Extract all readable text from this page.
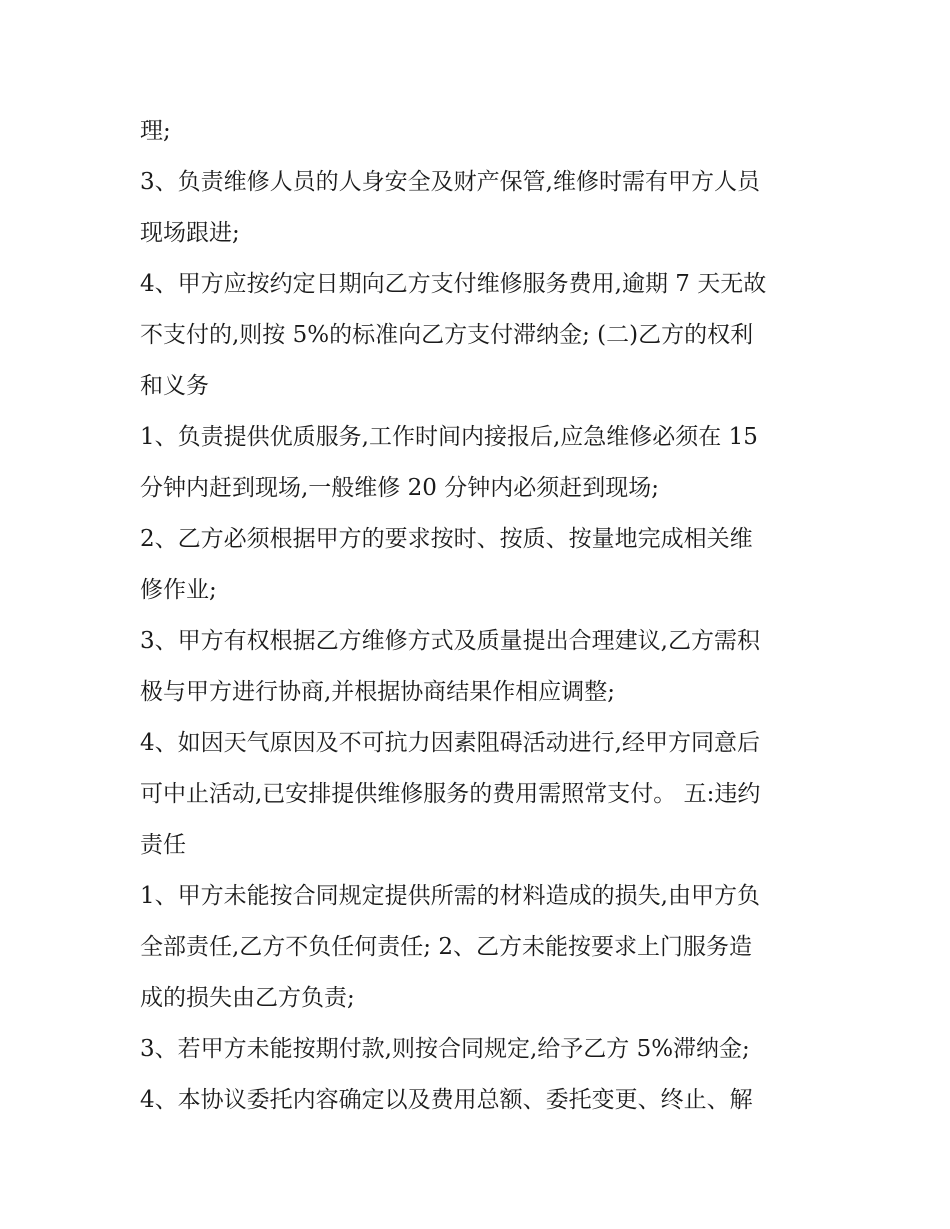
理;
3、负责维修人员的人身安全及财产保管,维修时需有甲方人员
现场跟进;
4、甲方应按约定日期向乙方支付维修服务费用,逾期 7 天无故
不支付的,则按 5%的标准向乙方支付滞纳金; (二)乙方的权利
和义务
1、负责提供优质服务,工作时间内接报后,应急维修必须在 15
分钟内赶到现场,一般维修 20 分钟内必须赶到现场;
2、乙方必须根据甲方的要求按时、按质、按量地完成相关维
修作业;
3、甲方有权根据乙方维修方式及质量提出合理建议,乙方需积
极与甲方进行协商,并根据协商结果作相应调整;
4、如因天气原因及不可抗力因素阻碍活动进行,经甲方同意后
可中止活动,已安排提供维修服务的费用需照常支付。 五:违约
责任
1、甲方未能按合同规定提供所需的材料造成的损失,由甲方负
全部责任,乙方不负任何责任; 2、乙方未能按要求上门服务造
成的损失由乙方负责;
3、若甲方未能按期付款,则按合同规定,给予乙方 5%滞纳金;
4、本协议委托内容确定以及费用总额、委托变更、终止、解
